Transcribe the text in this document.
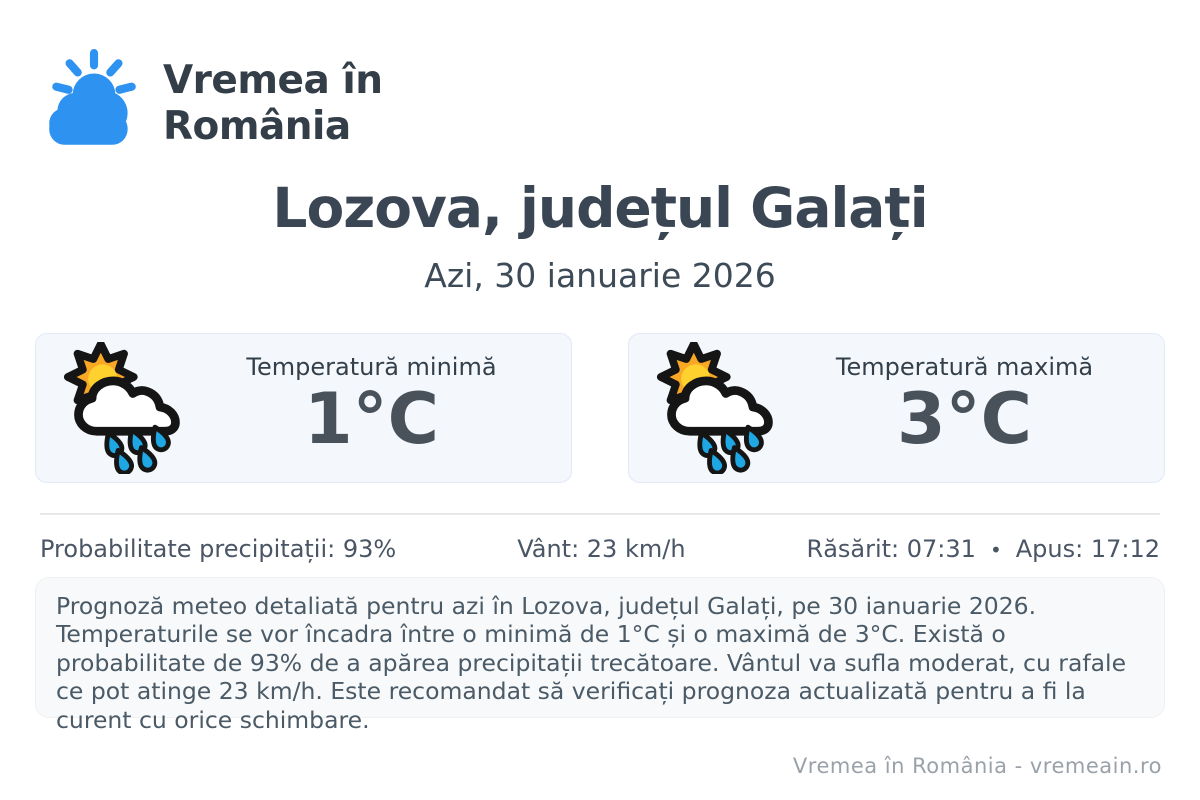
Vremea în
România
Lozova, județul Galați
Azi, 30 ianuarie 2026
Temperatură minimă
1°C
Temperatură maximă
3°C
Probabilitate precipitații: 93%	Vânt: 23 km/h	Răsărit: 07:31 • Apus: 17:12
Prognoză meteo detaliată pentru azi în Lozova, județul Galați, pe 30 ianuarie 2026. Temperaturile se vor încadra între o minimă de 1°C și o maximă de 3°C. Există o probabilitate de 93% de a apărea precipitații trecătoare. Vântul va sufla moderat, cu rafale ce pot atinge 23 km/h. Este recomandat să verificați prognoza actualizată pentru a fi la curent cu orice schimbare.
Vremea în România - vremeain.ro
